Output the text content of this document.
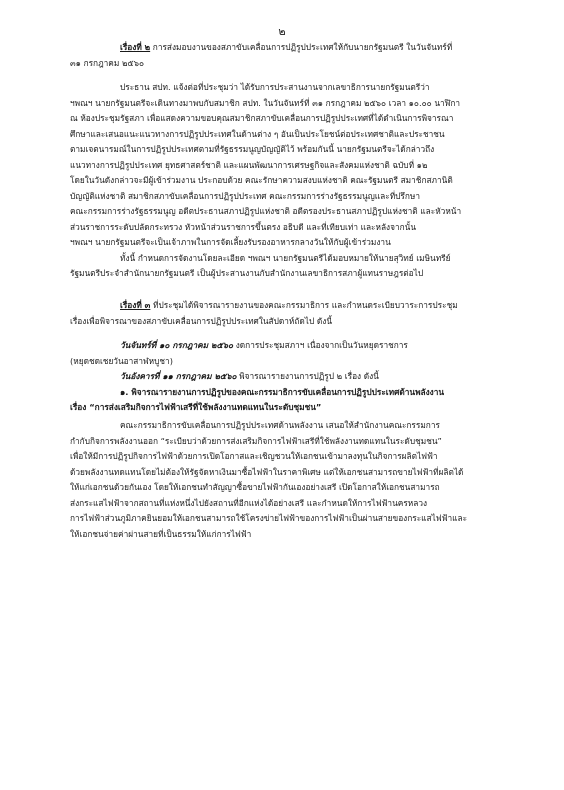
๒
เรื่องที่ ๒ การส่งมอบงานของสภาขับเคลื่อนการปฏิรูปประเทศให้กับนายกรัฐมนตรี ในวันจันทร์ที่
๓๑ กรกฎาคม ๒๕๖๐
ประธาน สปท. แจ้งต่อที่ประชุมว่า ได้รับการประสานงานจากเลขาธิการนายกรัฐมนตรีว่า
ฯพณฯ นายกรัฐมนตรีจะเดินทางมาพบกับสมาชิก สปท. ในวันจันทร์ที่ ๓๑ กรกฎาคม ๒๕๖๐ เวลา ๑๐.๐๐ นาฬิกา
ณ ห้องประชุมรัฐสภา เพื่อแสดงความขอบคุณสมาชิกสภาขับเคลื่อนการปฏิรูปประเทศที่ได้ดำเนินการพิจารณา
ศึกษาและเสนอแนะแนวทางการปฏิรูปประเทศในด้านต่าง ๆ อันเป็นประโยชน์ต่อประเทศชาติและประชาชน
ตามเจตนารมณ์ในการปฏิรูปประเทศตามที่รัฐธรรมนูญบัญญัติไว้ พร้อมกันนี้ นายกรัฐมนตรีจะได้กล่าวถึง
แนวทางการปฏิรูปประเทศ ยุทธศาสตร์ชาติ และแผนพัฒนาการเศรษฐกิจและสังคมแห่งชาติ ฉบับที่ ๑๒
โดยในวันดังกล่าวจะมีผู้เข้าร่วมงาน ประกอบด้วย คณะรักษาความสงบแห่งชาติ คณะรัฐมนตรี สมาชิกสภานิติ
บัญญัติแห่งชาติ สมาชิกสภาขับเคลื่อนการปฏิรูปประเทศ คณะกรรมการร่างรัฐธรรมนูญและที่ปรึกษา
คณะกรรมการร่างรัฐธรรมนูญ อดีตประธานสภาปฏิรูปแห่งชาติ อดีตรองประธานสภาปฏิรูปแห่งชาติ และหัวหน้า
ส่วนราชการระดับปลัดกระทรวง หัวหน้าส่วนราชการขึ้นตรง อธิบดี และที่เทียบเท่า และหลังจากนั้น
ฯพณฯ นายกรัฐมนตรีจะเป็นเจ้าภาพในการจัดเลี้ยงรับรองอาหารกลางวันให้กับผู้เข้าร่วมงาน
ทั้งนี้ กำหนดการจัดงานโดยละเอียด ฯพณฯ นายกรัฐมนตรีได้มอบหมายให้นายสุวิทย์ เมษินทรีย์
รัฐมนตรีประจำสำนักนายกรัฐมนตรี เป็นผู้ประสานงานกับสำนักงานเลขาธิการสภาผู้แทนราษฎรต่อไป
เรื่องที่ ๓ ที่ประชุมได้พิจารณารายงานของคณะกรรมาธิการ และกำหนดระเบียบวาระการประชุม
เรื่องเพื่อพิจารณาของสภาขับเคลื่อนการปฏิรูปประเทศในสัปดาห์ถัดไป ดังนี้
วันจันทร์ที่ ๑๐ กรกฎาคม ๒๕๖๐ งดการประชุมสภาฯ เนื่องจากเป็นวันหยุดราชการ
(หยุดชดเชยวันอาสาฬหบูชา)
วันอังคารที่ ๑๑ กรกฎาคม ๒๕๖๐ พิจารณารายงานการปฏิรูป ๒ เรื่อง ดังนี้
๑. พิจารณารายงานการปฏิรูปของคณะกรรมาธิการขับเคลื่อนการปฏิรูปประเทศด้านพลังงาน
เรื่อง “การส่งเสริมกิจการไฟฟ้าเสรีที่ใช้พลังงานทดแทนในระดับชุมชน”
คณะกรรมาธิการขับเคลื่อนการปฏิรูปประเทศด้านพลังงาน เสนอให้สำนักงานคณะกรรมการ
กำกับกิจการพลังงานออก “ระเบียบว่าด้วยการส่งเสริมกิจการไฟฟ้าเสรีที่ใช้พลังงานทดแทนในระดับชุมชน”
เพื่อให้มีการปฏิรูปกิจการไฟฟ้าด้วยการเปิดโอกาสและเชิญชวนให้เอกชนเข้ามาลงทุนในกิจการผลิตไฟฟ้า
ด้วยพลังงานทดแทนโดยไม่ต้องให้รัฐจัดหาเงินมาซื้อไฟฟ้าในราคาพิเศษ แต่ให้เอกชนสามารถขายไฟฟ้าที่ผลิตได้
ให้แก่เอกชนด้วยกันเอง โดยให้เอกชนทำสัญญาซื้อขายไฟฟ้ากันเองอย่างเสรี เปิดโอกาสให้เอกชนสามารถ
ส่งกระแสไฟฟ้าจากสถานที่แห่งหนึ่งไปยังสถานที่อีกแห่งได้อย่างเสรี และกำหนดให้การไฟฟ้านครหลวง
การไฟฟ้าส่วนภูมิภาคยินยอมให้เอกชนสามารถใช้โครงข่ายไฟฟ้าของการไฟฟ้าเป็นผ่านสายของกระแสไฟฟ้าและ
ให้เอกชนจ่ายค่าผ่านสายที่เป็นธรรมให้แก่การไฟฟ้า
